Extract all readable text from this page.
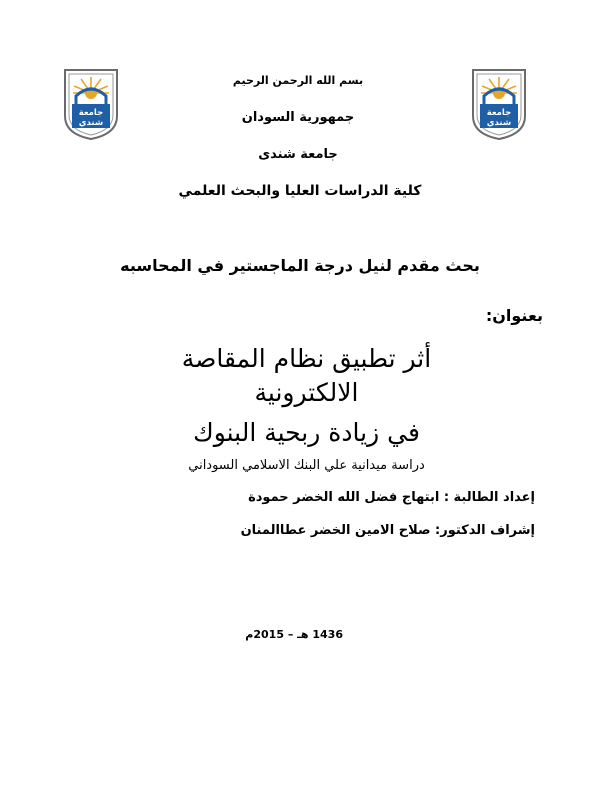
جامعة
شندي
جامعة
شندي
بسم الله الرحمن الرحيم
جمهورية السودان
جامعة شندى
كلية الدراسات العليا والبحث العلمي
بحث مقدم لنيل درجة الماجستير في المحاسبه
بعنوان:
أثر تطبيق نظام المقاصة
الالكترونية
في زيادة ربحية البنوك
دراسة ميدانية علي البنك الاسلامي السوداني
إعداد الطالبة : ابتهاج فضل الله الخضر حمودة
إشراف الدكتور: صلاح الامين الخضر عطاالمنان
1436 هـ – 2015م
